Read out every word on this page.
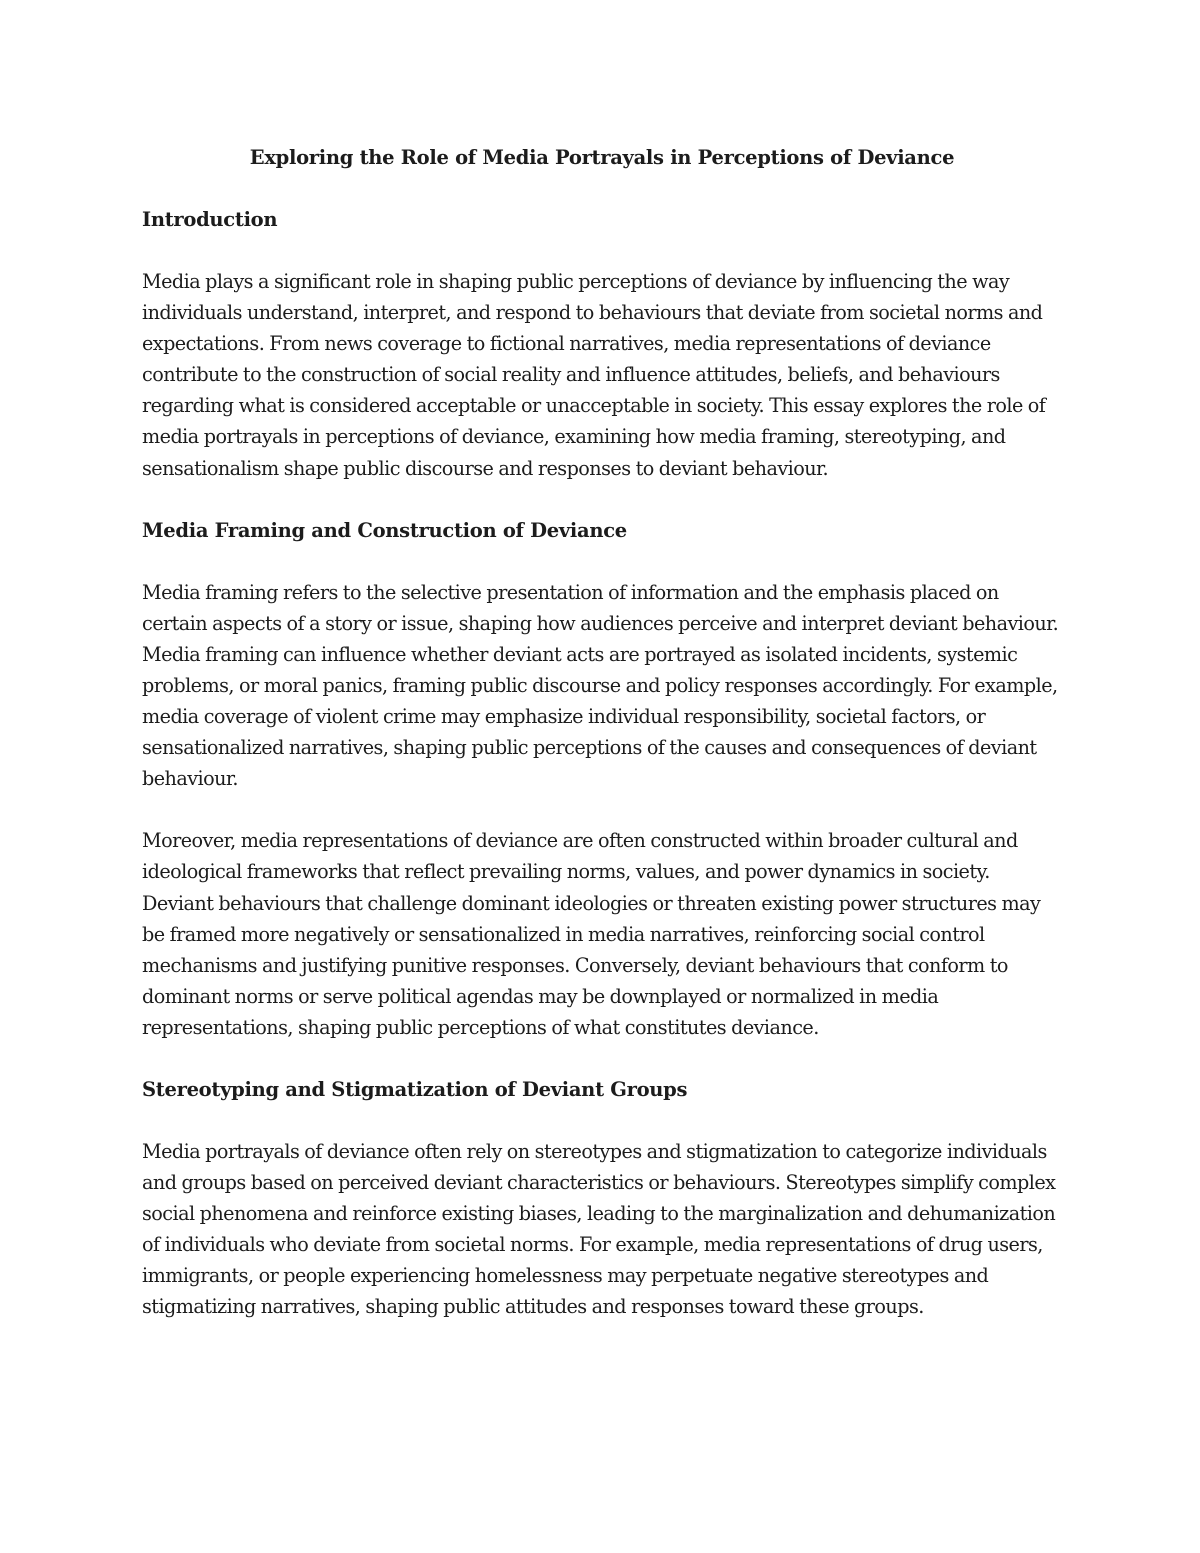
Exploring the Role of Media Portrayals in Perceptions of Deviance
Introduction

Media plays a significant role in shaping public perceptions of deviance by influencing the way individuals understand, interpret, and respond to behaviours that deviate from societal norms and expectations. From news coverage to fictional narratives, media representations of deviance contribute to the construction of social reality and influence attitudes, beliefs, and behaviours regarding what is considered acceptable or unacceptable in society. This essay explores the role of media portrayals in perceptions of deviance, examining how media framing, stereotyping, and sensationalism shape public discourse and responses to deviant behaviour.

Media Framing and Construction of Deviance

Media framing refers to the selective presentation of information and the emphasis placed on certain aspects of a story or issue, shaping how audiences perceive and interpret deviant behaviour. Media framing can influence whether deviant acts are portrayed as isolated incidents, systemic problems, or moral panics, framing public discourse and policy responses accordingly. For example, media coverage of violent crime may emphasize individual responsibility, societal factors, or sensationalized narratives, shaping public perceptions of the causes and consequences of deviant behaviour.

Moreover, media representations of deviance are often constructed within broader cultural and ideological frameworks that reflect prevailing norms, values, and power dynamics in society. Deviant behaviours that challenge dominant ideologies or threaten existing power structures may be framed more negatively or sensationalized in media narratives, reinforcing social control mechanisms and justifying punitive responses. Conversely, deviant behaviours that conform to dominant norms or serve political agendas may be downplayed or normalized in media representations, shaping public perceptions of what constitutes deviance.

Stereotyping and Stigmatization of Deviant Groups

Media portrayals of deviance often rely on stereotypes and stigmatization to categorize individuals and groups based on perceived deviant characteristics or behaviours. Stereotypes simplify complex social phenomena and reinforce existing biases, leading to the marginalization and dehumanization of individuals who deviate from societal norms. For example, media representations of drug users, immigrants, or people experiencing homelessness may perpetuate negative stereotypes and stigmatizing narratives, shaping public attitudes and responses toward these groups.
